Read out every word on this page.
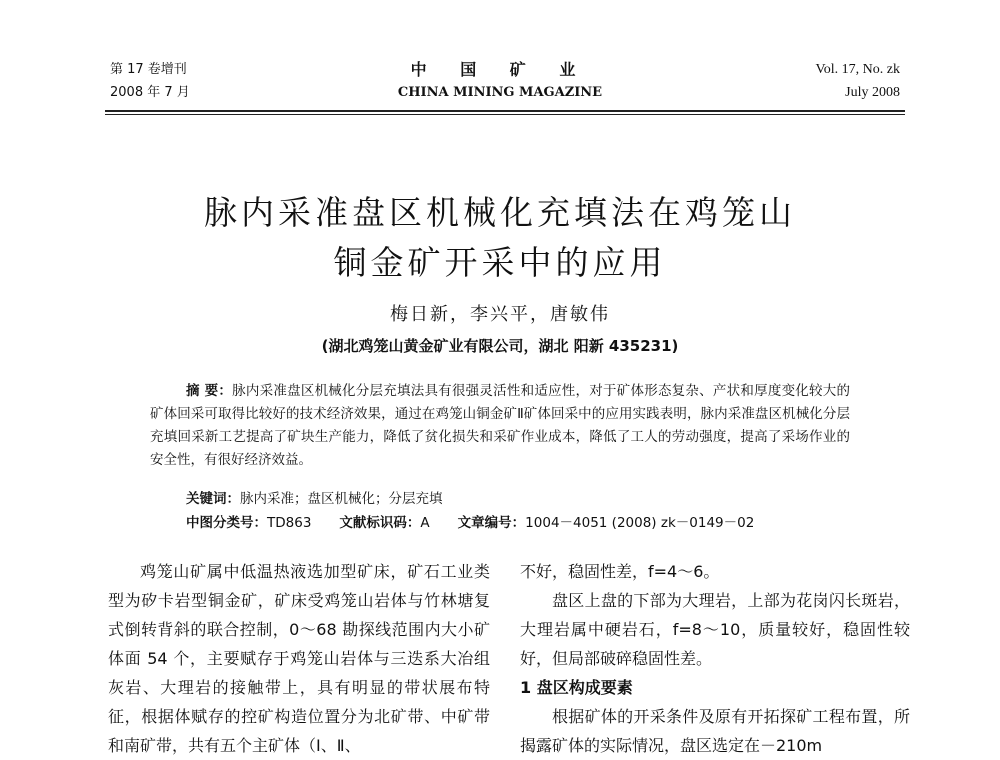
第 17 卷增刊
2008 年 7 月
中 国 矿 业
CHINA MINING MAGAZINE
Vol. 17, No. zk
July 2008
脉内采准盘区机械化充填法在鸡笼山
铜金矿开采中的应用
梅日新，李兴平，唐敏伟
(湖北鸡笼山黄金矿业有限公司，湖北 阳新 435231)
摘 要：脉内采准盘区机械化分层充填法具有很强灵活性和适应性，对于矿体形态复杂、产状和厚度变化较大的矿体回采可取得比较好的技术经济效果，通过在鸡笼山铜金矿Ⅱ矿体回采中的应用实践表明，脉内采准盘区机械化分层充填回采新工艺提高了矿块生产能力，降低了贫化损失和采矿作业成本，降低了工人的劳动强度，提高了采场作业的安全性，有很好经济效益。
关键词：脉内采准；盘区机械化；分层充填
中图分类号：TD863 文献标识码：A 文章编号：1004－4051 (2008) zk－0149－02
鸡笼山矿属中低温热液选加型矿床，矿石工业类型为矽卡岩型铜金矿，矿床受鸡笼山岩体与竹林塘复式倒转背斜的联合控制，0～68 勘探线范围内大小矿体面 54 个，主要赋存于鸡笼山岩体与三迭系大冶组灰岩、大理岩的接触带上，具有明显的带状展布特征，根据体赋存的控矿构造位置分为北矿带、中矿带和南矿带，共有五个主矿体（Ⅰ、Ⅱ、

不好，稳固性差，f=4～6。

盘区上盘的下部为大理岩，上部为花岗闪长斑岩，大理岩属中硬岩石，f=8～10，质量较好，稳固性较好，但局部破碎稳固性差。

1 盘区构成要素

根据矿体的开采条件及原有开拓探矿工程布置，所揭露矿体的实际情况，盘区选定在－210m
